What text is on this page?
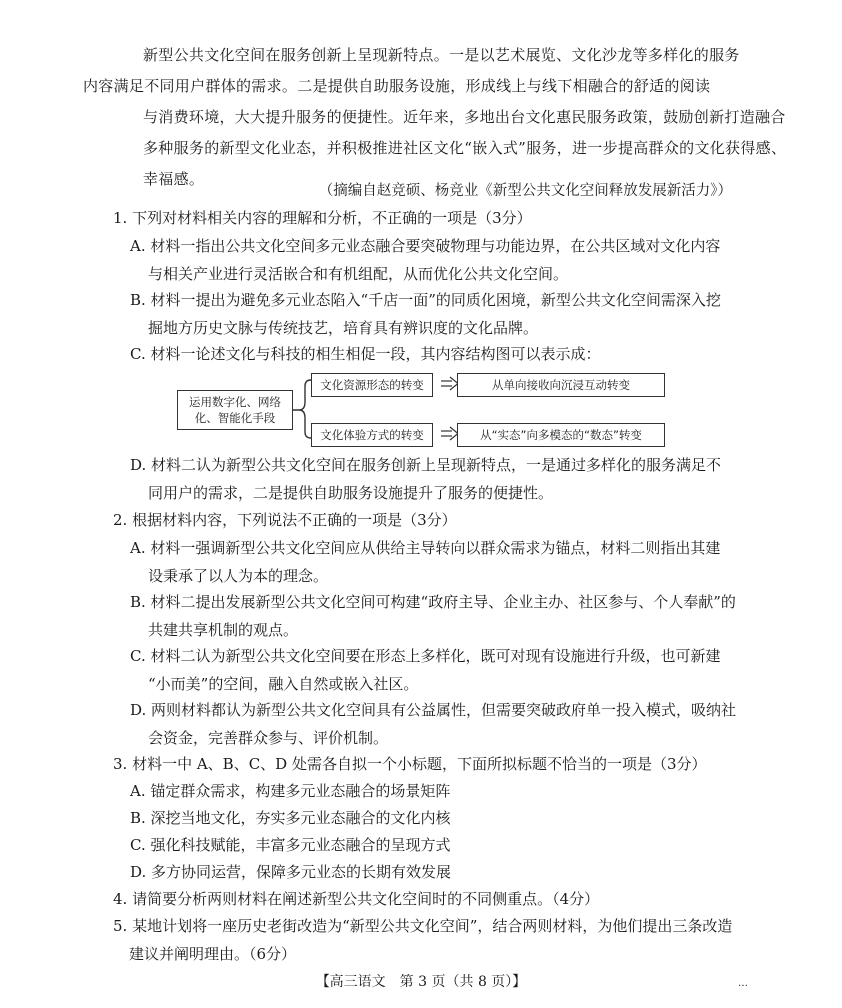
新型公共文化空间在服务创新上呈现新特点。一是以艺术展览、文化沙龙等多样化的服务
内容满足不同用户群体的需求。二是提供自助服务设施，形成线上与线下相融合的舒适的阅读
与消费环境，大大提升服务的便捷性。近年来，多地出台文化惠民服务政策，鼓励创新打造融合
多种服务的新型文化业态，并积极推进社区文化“嵌入式”服务，进一步提高群众的文化获得感、
幸福感。
（摘编自赵竞硕、杨竞业《新型公共文化空间释放发展新活力》）
1. 下列对材料相关内容的理解和分析，不正确的一项是（3分）
A. 材料一指出公共文化空间多元业态融合要突破物理与功能边界，在公共区域对文化内容
与相关产业进行灵活嵌合和有机组配，从而优化公共文化空间。
B. 材料一提出为避免多元业态陷入“千店一面”的同质化困境，新型公共文化空间需深入挖
掘地方历史文脉与传统技艺，培育具有辨识度的文化品牌。
C. 材料一论述文化与科技的相生相促一段，其内容结构图可以表示成：
运用数字化、网络
化、智能化手段
文化资源形态的转变	从单向接收向沉浸互动转变
文化体验方式的转变	从“实态”向多模态的“数态”转变
D. 材料二认为新型公共文化空间在服务创新上呈现新特点，一是通过多样化的服务满足不
同用户的需求，二是提供自助服务设施提升了服务的便捷性。
2. 根据材料内容，下列说法不正确的一项是（3分）
A. 材料一强调新型公共文化空间应从供给主导转向以群众需求为锚点，材料二则指出其建
设秉承了以人为本的理念。
B. 材料二提出发展新型公共文化空间可构建“政府主导、企业主办、社区参与、个人奉献”的
共建共享机制的观点。
C. 材料二认为新型公共文化空间要在形态上多样化，既可对现有设施进行升级，也可新建
“小而美”的空间，融入自然或嵌入社区。
D. 两则材料都认为新型公共文化空间具有公益属性，但需要突破政府单一投入模式，吸纳社
会资金，完善群众参与、评价机制。
3. 材料一中 A、B、C、D 处需各自拟一个小标题，下面所拟标题不恰当的一项是（3分）
A. 锚定群众需求，构建多元业态融合的场景矩阵
B. 深挖当地文化，夯实多元业态融合的文化内核
C. 强化科技赋能，丰富多元业态融合的呈现方式
D. 多方协同运营，保障多元业态的长期有效发展
4. 请简要分析两则材料在阐述新型公共文化空间时的不同侧重点。（4分）
5. 某地计划将一座历史老街改造为“新型公共文化空间”，结合两则材料，为他们提出三条改造
建议并阐明理由。（6分）
【高三语文　第 3 页（共 8 页）】	…
